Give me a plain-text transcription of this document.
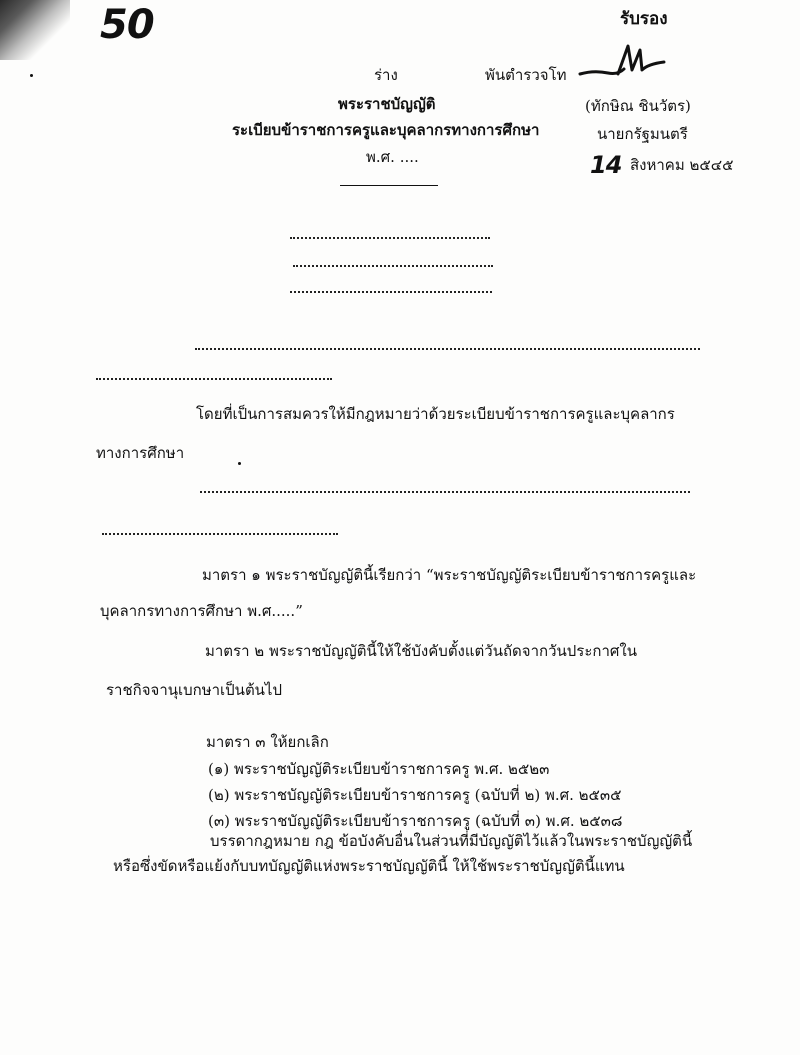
50	รับรอง
ร่าง
พระราชบัญญัติ
ระเบียบข้าราชการครูและบุคลากรทางการศึกษา
พ.ศ. ....
พันตำรวจโท
(ทักษิณ ชินวัตร)
นายกรัฐมนตรี
14 สิงหาคม ๒๕๔๕
โดยที่เป็นการสมควรให้มีกฎหมายว่าด้วยระเบียบข้าราชการครูและบุคลากร
ทางการศึกษา
มาตรา ๑ พระราชบัญญัตินี้เรียกว่า “พระราชบัญญัติระเบียบข้าราชการครูและ
บุคลากรทางการศึกษา พ.ศ.....”
มาตรา ๒ พระราชบัญญัตินี้ให้ใช้บังคับตั้งแต่วันถัดจากวันประกาศใน
ราชกิจจานุเบกษาเป็นต้นไป
มาตรา ๓ ให้ยกเลิก
(๑) พระราชบัญญัติระเบียบข้าราชการครู พ.ศ. ๒๕๒๓
(๒) พระราชบัญญัติระเบียบข้าราชการครู (ฉบับที่ ๒) พ.ศ. ๒๕๓๕
(๓) พระราชบัญญัติระเบียบข้าราชการครู (ฉบับที่ ๓) พ.ศ. ๒๕๓๘
บรรดากฎหมาย กฎ ข้อบังคับอื่นในส่วนที่มีบัญญัติไว้แล้วในพระราชบัญญัตินี้
หรือซึ่งขัดหรือแย้งกับบทบัญญัติแห่งพระราชบัญญัตินี้ ให้ใช้พระราชบัญญัตินี้แทน
